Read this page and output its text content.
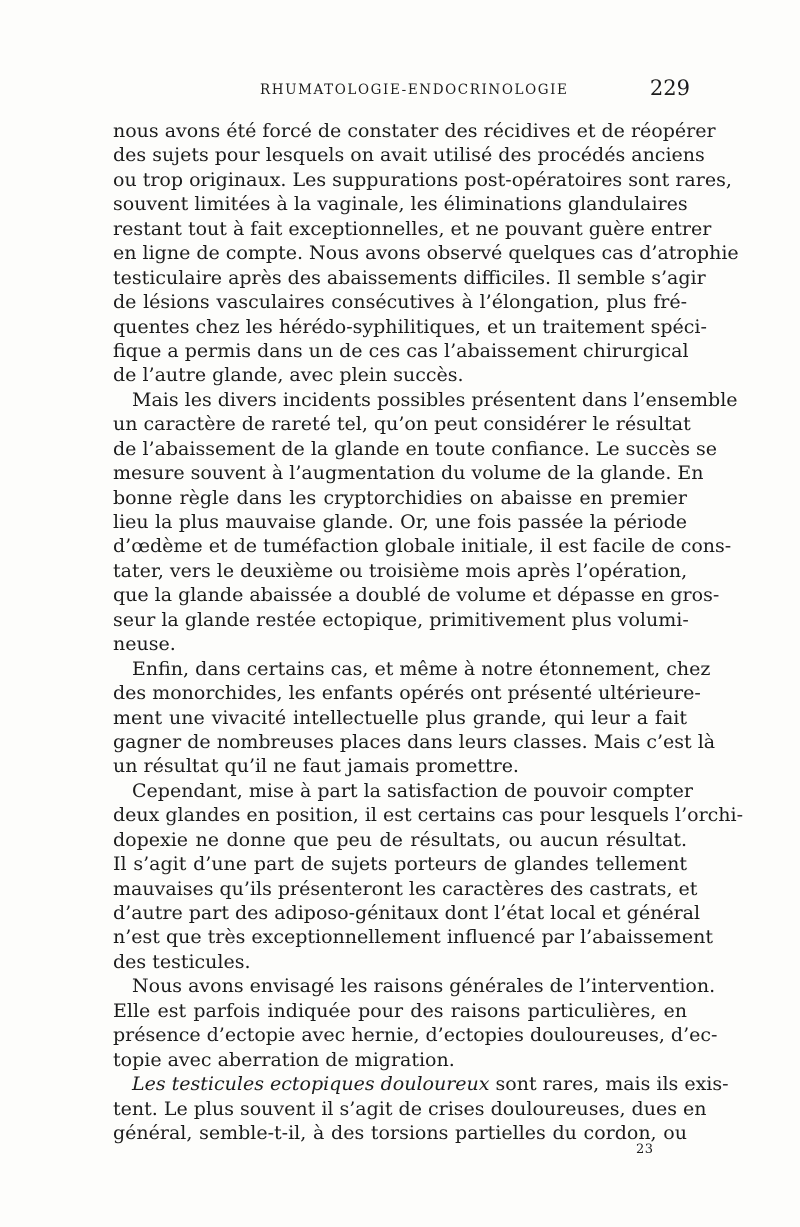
RHUMATOLOGIE-ENDOCRINOLOGIE	229
nous avons été forcé de constater des récidives et de réopérer
des sujets pour lesquels on avait utilisé des procédés anciens
ou trop originaux. Les suppurations post-opératoires sont rares,
souvent limitées à la vaginale, les éliminations glandulaires
restant tout à fait exceptionnelles, et ne pouvant guère entrer
en ligne de compte. Nous avons observé quelques cas d’atrophie
testiculaire après des abaissements difficiles. Il semble s’agir
de lésions vasculaires consécutives à l’élongation, plus fré-
quentes chez les hérédo-syphilitiques, et un traitement spéci-
fique a permis dans un de ces cas l’abaissement chirurgical
de l’autre glande, avec plein succès.
Mais les divers incidents possibles présentent dans l’ensemble
un caractère de rareté tel, qu’on peut considérer le résultat
de l’abaissement de la glande en toute confiance. Le succès se
mesure souvent à l’augmentation du volume de la glande. En
bonne règle dans les cryptorchidies on abaisse en premier
lieu la plus mauvaise glande. Or, une fois passée la période
d’œdème et de tuméfaction globale initiale, il est facile de cons-
tater, vers le deuxième ou troisième mois après l’opération,
que la glande abaissée a doublé de volume et dépasse en gros-
seur la glande restée ectopique, primitivement plus volumi-
neuse.
Enfin, dans certains cas, et même à notre étonnement, chez
des monorchides, les enfants opérés ont présenté ultérieure-
ment une vivacité intellectuelle plus grande, qui leur a fait
gagner de nombreuses places dans leurs classes. Mais c’est là
un résultat qu’il ne faut jamais promettre.
Cependant, mise à part la satisfaction de pouvoir compter
deux glandes en position, il est certains cas pour lesquels l’orchi-
dopexie ne donne que peu de résultats, ou aucun résultat.
Il s’agit d’une part de sujets porteurs de glandes tellement
mauvaises qu’ils présenteront les caractères des castrats, et
d’autre part des adiposo-génitaux dont l’état local et général
n’est que très exceptionnellement influencé par l’abaissement
des testicules.
Nous avons envisagé les raisons générales de l’intervention.
Elle est parfois indiquée pour des raisons particulières, en
présence d’ectopie avec hernie, d’ectopies douloureuses, d’ec-
topie avec aberration de migration.
Les testicules ectopiques douloureux sont rares, mais ils exis-
tent. Le plus souvent il s’agit de crises douloureuses, dues en
général, semble-t-il, à des torsions partielles du cordon, ou
23
